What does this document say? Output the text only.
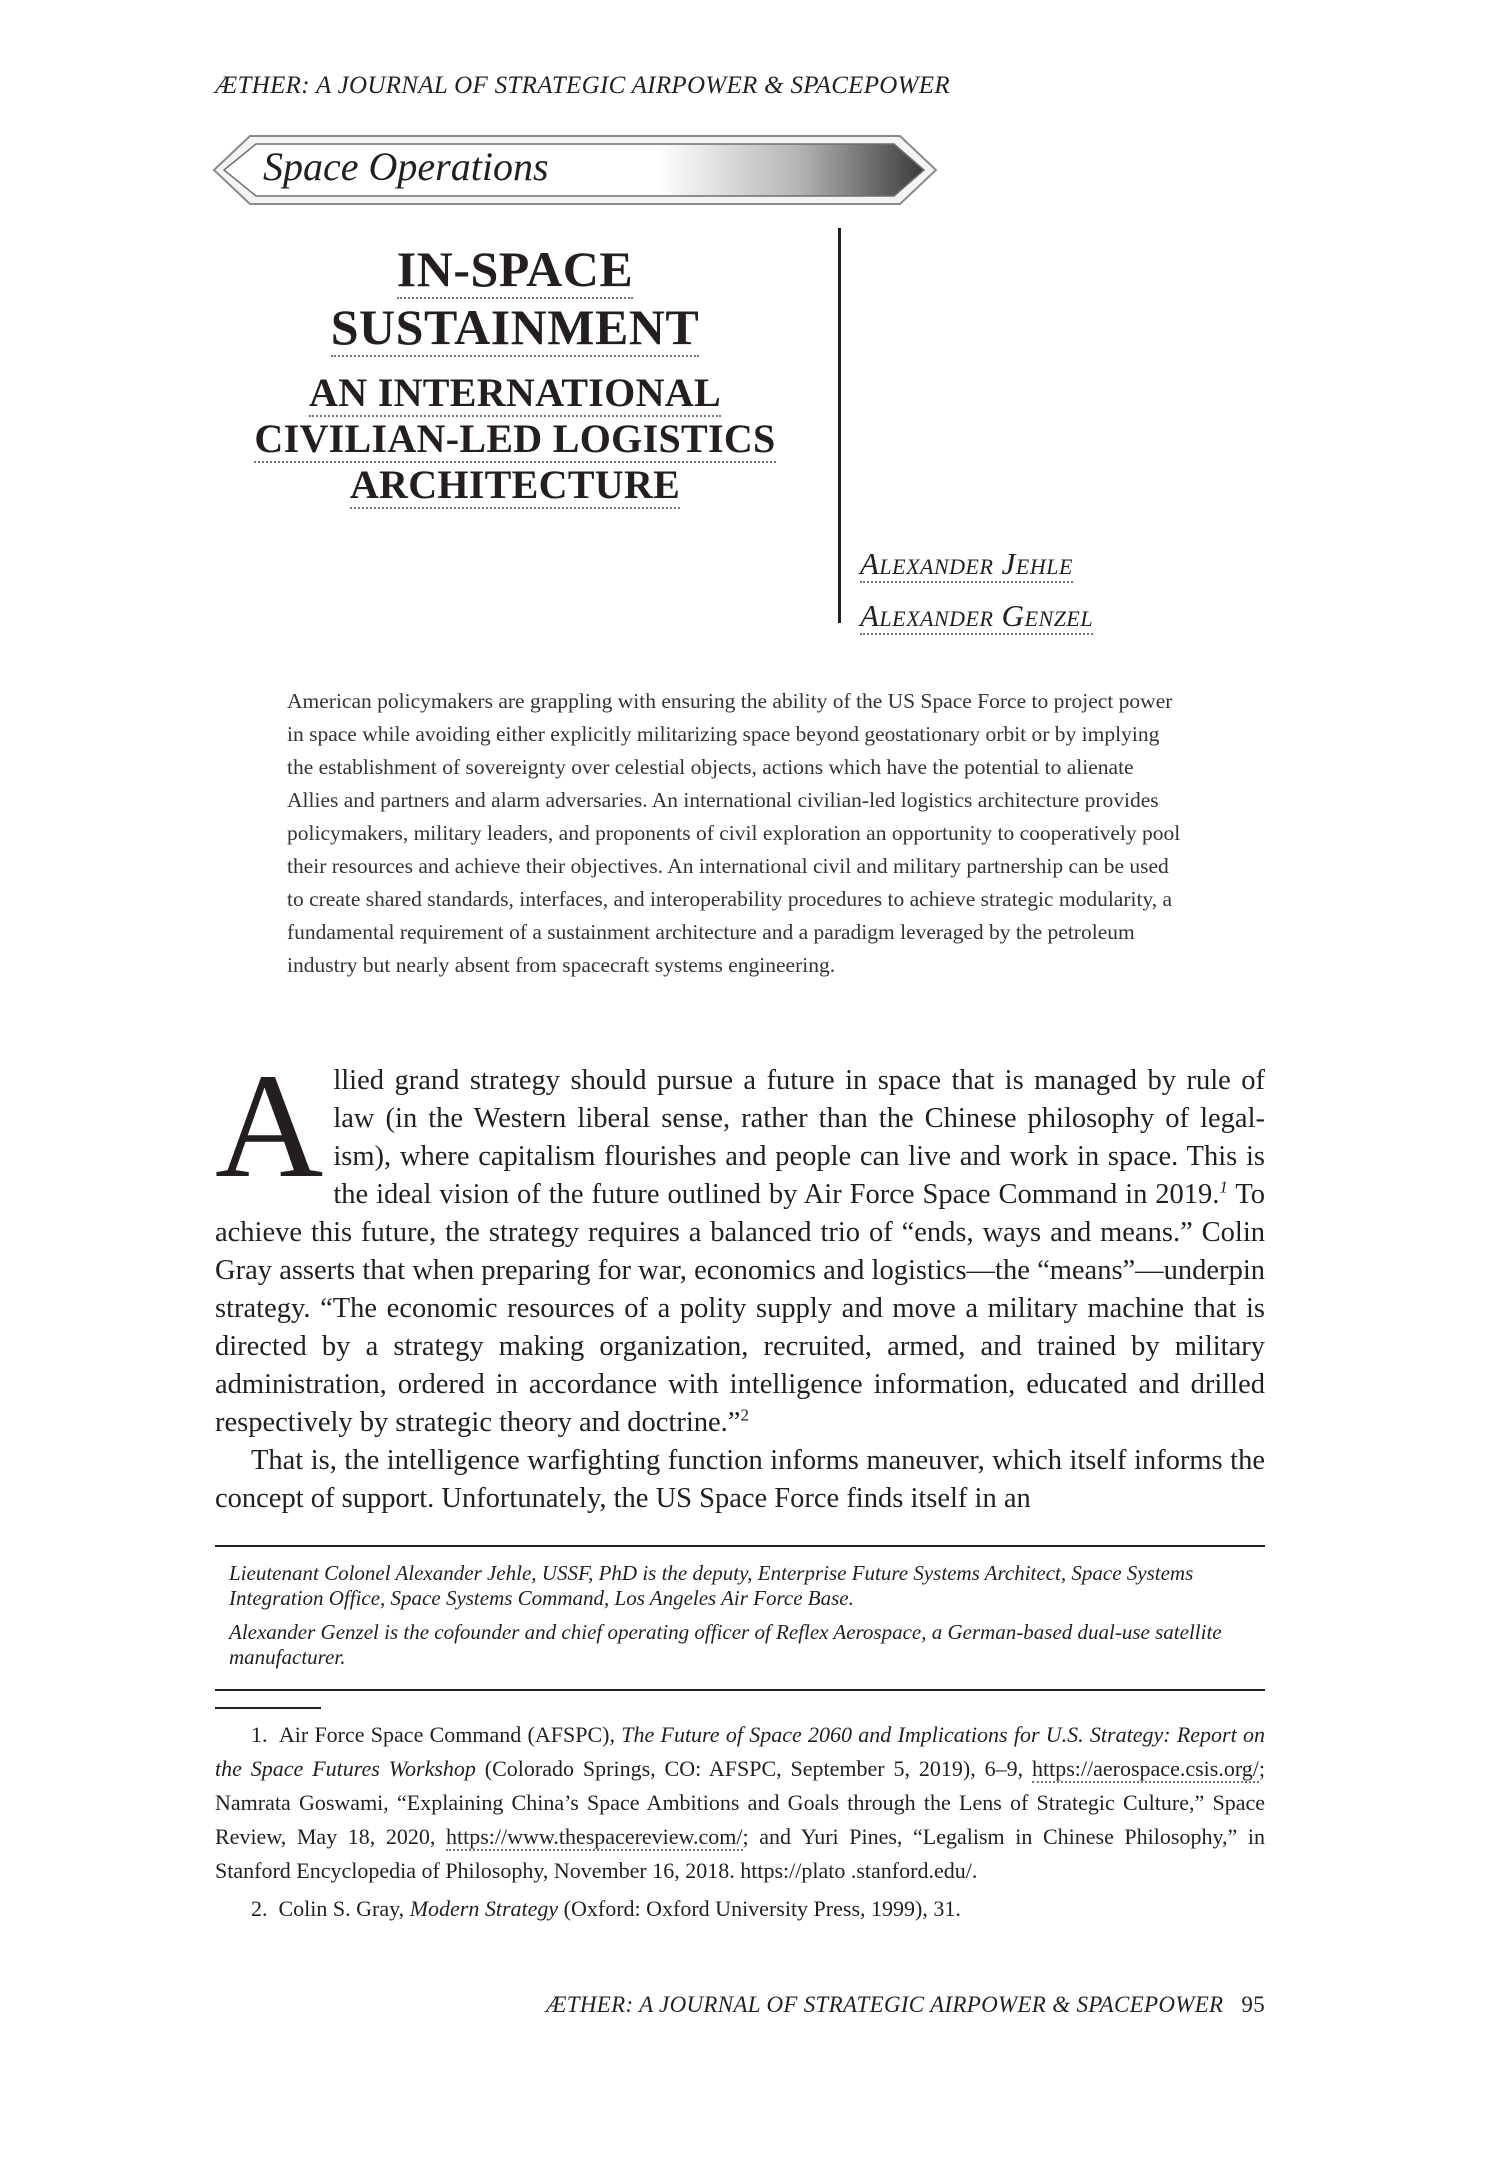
ÆTHER: A JOURNAL OF STRATEGIC AIRPOWER & SPACEPOWER
Space Operations
IN-SPACE
SUSTAINMENT
AN INTERNATIONAL
CIVILIAN-LED LOGISTICS
ARCHITECTURE
Alexander Jehle
Alexander Genzel
American policymakers are grappling with ensuring the ability of the US Space Force to project power in space while avoiding either explicitly militarizing space beyond geostationary orbit or by implying the establishment of sovereignty over celestial objects, actions which have the potential to alienate Allies and partners and alarm adversaries. An international civilian-led logistics architecture provides policymakers, military leaders, and proponents of civil exploration an opportunity to cooperatively pool their resources and achieve their objectives. An international civil and military partnership can be used to create shared standards, interfaces, and interoperability procedures to achieve strategic modularity, a fundamental requirement of a sustainment architecture and a paradigm leveraged by the petroleum industry but nearly absent from spacecraft systems engineering.

Allied grand strategy should pursue a future in space that is managed by rule of law (in the Western liberal sense, rather than the Chinese philosophy of legalism), where capitalism flourishes and people can live and work in space. This is the ideal vision of the future outlined by Air Force Space Command in 2019.$^1$ To achieve this future, the strategy requires a balanced trio of “ends, ways and means.” Colin Gray asserts that when preparing for war, economics and logistics—the “means”—underpin strategy. “The economic resources of a polity supply and move a military machine that is directed by a strategy making organization, recruited, armed, and trained by military administration, ordered in accordance with intelligence information, educated and drilled respectively by strategic theory and doctrine.”$^2$

That is, the intelligence warfighting function informs maneuver, which itself informs the concept of support. Unfortunately, the US Space Force finds itself in an

Lieutenant Colonel Alexander Jehle, USSF, PhD is the deputy, Enterprise Future Systems Architect, Space Systems Integration Office, Space Systems Command, Los Angeles Air Force Base.

Alexander Genzel is the cofounder and chief operating officer of Reflex Aerospace, a German-based dual-use satellite manufacturer.

1. Air Force Space Command (AFSPC), The Future of Space 2060 and Implications for U.S. Strategy: Report on the Space Futures Workshop (Colorado Springs, CO: AFSPC, September 5, 2019), 6–9, https://aerospace.csis.org/; Namrata Goswami, “Explaining China’s Space Ambitions and Goals through the Lens of Strategic Culture,” Space Review, May 18, 2020, https://www.thespacereview.com/; and Yuri Pines, “Legalism in Chinese Philosophy,” in Stanford Encyclopedia of Philosophy, November 16, 2018. https://plato .stanford.edu/.

2. Colin S. Gray, Modern Strategy (Oxford: Oxford University Press, 1999), 31.

ÆTHER: A JOURNAL OF STRATEGIC AIRPOWER & SPACEPOWER 95
